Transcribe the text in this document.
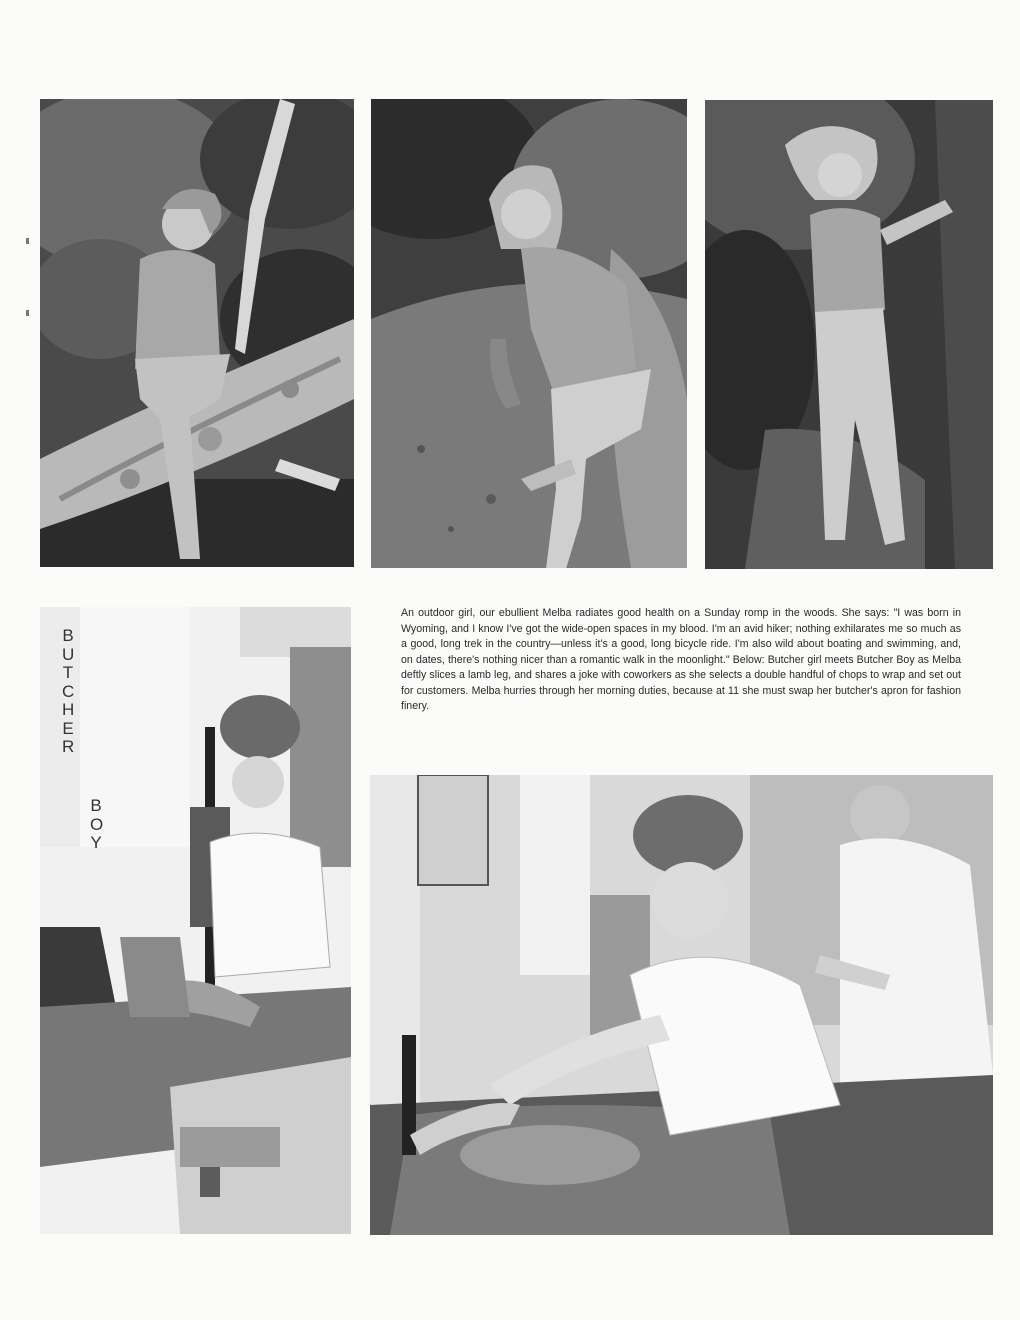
B
U
T
C
H
E
R
B
O
Y

An outdoor girl, our ebullient Melba radiates good health on a Sunday romp in the woods. She says: "I was born in Wyoming, and I know I've got the wide-open spaces in my blood. I'm an avid hiker; nothing exhilarates me so much as a good, long trek in the country—unless it's a good, long bicycle ride. I'm also wild about boating and swimming, and, on dates, there's nothing nicer than a romantic walk in the moonlight." Below: Butcher girl meets Butcher Boy as Melba deftly slices a lamb leg, and shares a joke with coworkers as she selects a double handful of chops to wrap and set out for customers. Melba hurries through her morning duties, because at 11 she must swap her butcher's apron for fashion finery.
